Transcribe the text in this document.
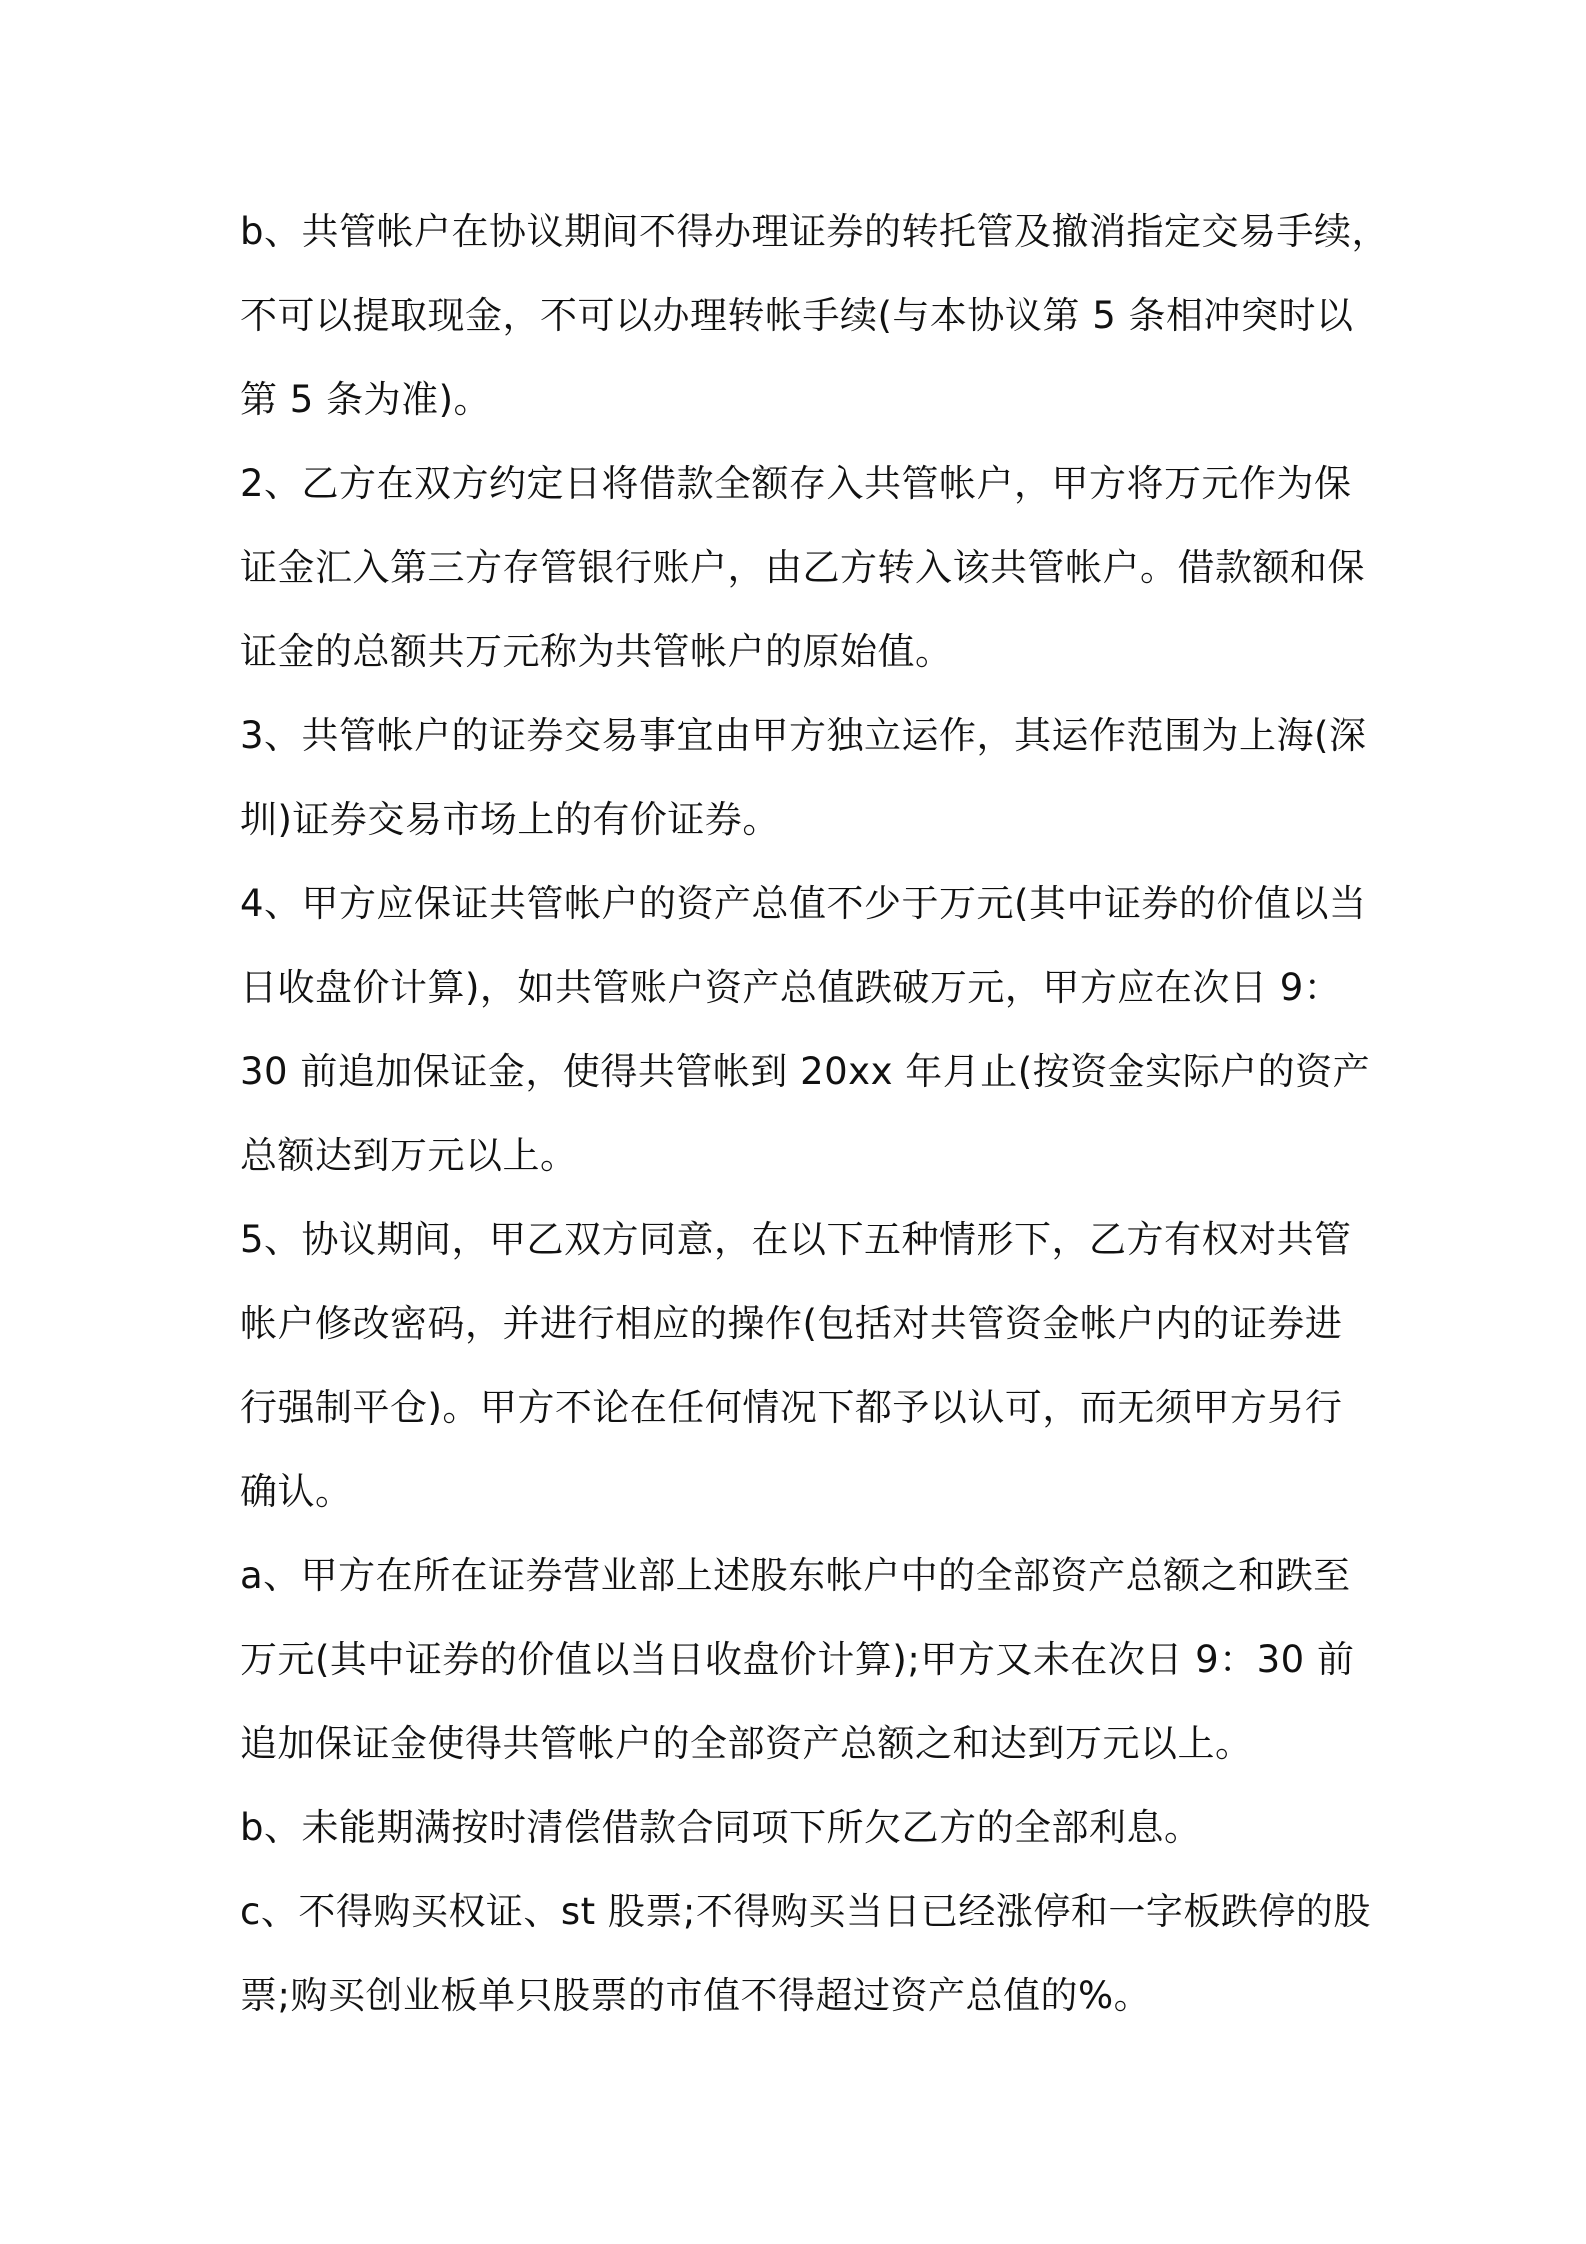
b、共管帐户在协议期间不得办理证券的转托管及撤消指定交易手续，
不可以提取现金，不可以办理转帐手续(与本协议第 5 条相冲突时以
第 5 条为准)。
2、乙方在双方约定日将借款全额存入共管帐户，甲方将万元作为保
证金汇入第三方存管银行账户，由乙方转入该共管帐户。借款额和保
证金的总额共万元称为共管帐户的原始值。
3、共管帐户的证券交易事宜由甲方独立运作，其运作范围为上海(深
圳)证券交易市场上的有价证券。
4、甲方应保证共管帐户的资产总值不少于万元(其中证券的价值以当
日收盘价计算)，如共管账户资产总值跌破万元，甲方应在次日 9：
30 前追加保证金，使得共管帐到 20xx 年月止(按资金实际户的资产
总额达到万元以上。
5、协议期间，甲乙双方同意，在以下五种情形下，乙方有权对共管
帐户修改密码，并进行相应的操作(包括对共管资金帐户内的证券进
行强制平仓)。甲方不论在任何情况下都予以认可，而无须甲方另行
确认。
a、甲方在所在证券营业部上述股东帐户中的全部资产总额之和跌至
万元(其中证券的价值以当日收盘价计算);甲方又未在次日 9：30 前
追加保证金使得共管帐户的全部资产总额之和达到万元以上。
b、未能期满按时清偿借款合同项下所欠乙方的全部利息。
c、不得购买权证、st 股票;不得购买当日已经涨停和一字板跌停的股
票;购买创业板单只股票的市值不得超过资产总值的%。
